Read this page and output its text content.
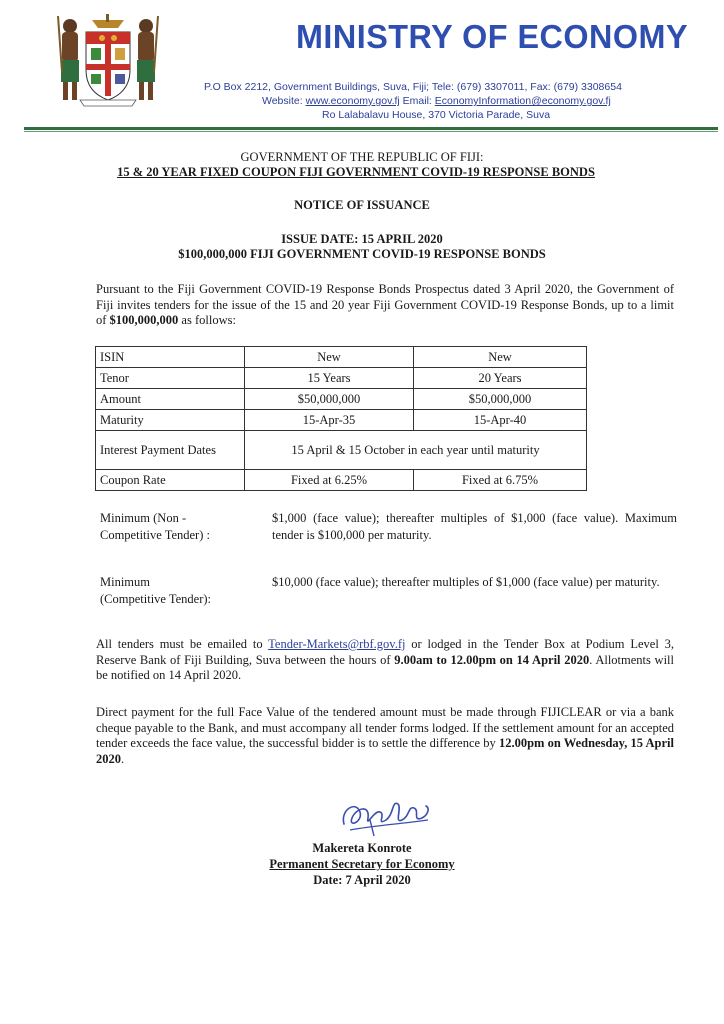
MINISTRY OF ECONOMY
P.O Box 2212, Government Buildings, Suva, Fiji; Tele: (679) 3307011, Fax: (679) 3308654
Website: www.economy.gov.fj Email: EconomyInformation@economy.gov.fj
Ro Lalabalavu House, 370 Victoria Parade, Suva
GOVERNMENT OF THE REPUBLIC OF FIJI:
15 & 20 YEAR FIXED COUPON FIJI GOVERNMENT COVID-19 RESPONSE BONDS
NOTICE OF ISSUANCE
ISSUE DATE: 15 APRIL 2020
$100,000,000 FIJI GOVERNMENT COVID-19 RESPONSE BONDS
Pursuant to the Fiji Government COVID-19 Response Bonds Prospectus dated 3 April 2020, the Government of Fiji invites tenders for the issue of the 15 and 20 year Fiji Government COVID-19 Response Bonds, up to a limit of $100,000,000 as follows:
ISIN	New	New
Tenor	15 Years	20 Years
Amount	$50,000,000	$50,000,000
Maturity	15-Apr-35	15-Apr-40
Interest Payment Dates	15 April & 15 October in each year until maturity	
Coupon Rate	Fixed at 6.25%	Fixed at 6.75%
Minimum (Non -
Competitive Tender) :
$1,000 (face value); thereafter multiples of $1,000 (face value). Maximum tender is $100,000 per maturity.
Minimum
(Competitive Tender):
$10,000 (face value); thereafter multiples of $1,000 (face value) per maturity.
All tenders must be emailed to Tender-Markets@rbf.gov.fj or lodged in the Tender Box at Podium Level 3, Reserve Bank of Fiji Building, Suva between the hours of 9.00am to 12.00pm on 14 April 2020. Allotments will be notified on 14 April 2020.
Direct payment for the full Face Value of the tendered amount must be made through FIJICLEAR or via a bank cheque payable to the Bank, and must accompany all tender forms lodged. If the settlement amount for an accepted tender exceeds the face value, the successful bidder is to settle the difference by 12.00pm on Wednesday, 15 April 2020.
Makereta Konrote
Permanent Secretary for Economy
Date: 7 April 2020
